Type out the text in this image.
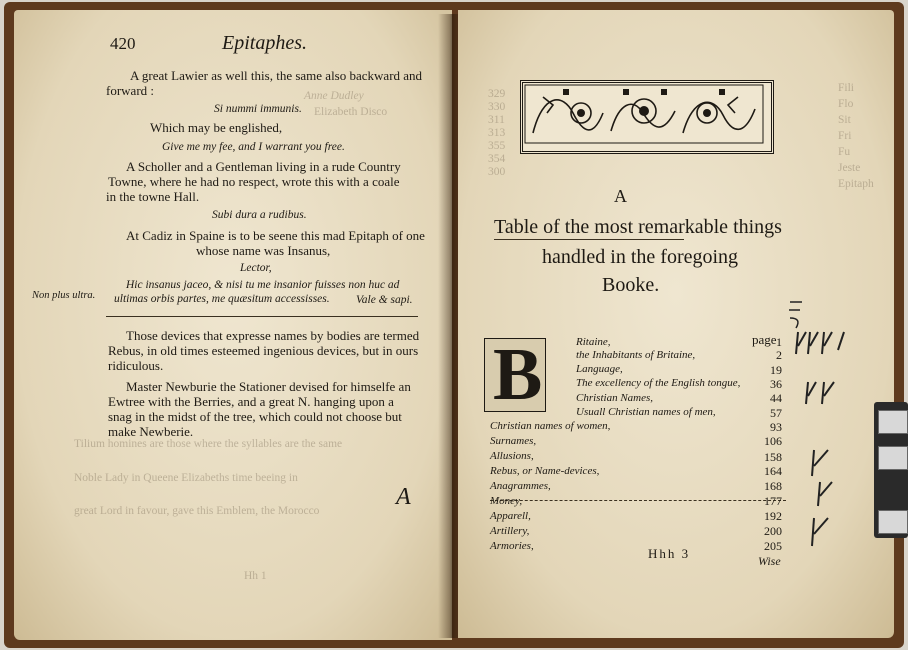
420	Epitaphes.
Anne Dudley
Elizabeth Disco
Tilium homines are those where the syllables are the same
Noble Lady in Queene Elizabeths time beeing in
great Lord in favour, gave this Emblem, the Morocco
Hh 1
A great Lawier as well this, the same also backward and
forward :
Si nummi immunis.
Which may be englished,
Give me my fee, and I warrant you free.
A Scholler and a Gentleman living in a rude Country
Towne, where he had no respect, wrote this with a coale
in the towne Hall.
Subi dura a rudibus.
At Cadiz in Spaine is to be seene this mad Epitaph of one
whose name was Insanus,
Lector,
Hic insanus jaceo, & nisi tu me insanior fuisses non huc ad
Non plus ultra. ultimas orbis partes, me quæsitum accessisses. Vale & sapi.
Those devices that expresse names by bodies are termed
Rebus, in old times esteemed ingenious devices, but in ours
ridiculous.
Master Newburie the Stationer devised for himselfe an
Ewtree with the Berries, and a great N. hanging upon a
snag in the midst of the tree, which could not choose but
make Newberie.
A
329
330
311
313
355
354
300
Fili
Flo
Sit
Fri
Fu
Jeste
Epitaph
A
Table of the most remarkable things
handled in the foregoing
Booke.
page
B	Ritaine,	1
the Inhabitants of Britaine,	2
Language,	19
The excellency of the English tongue,	36
Christian Names,	44
Usuall Christian names of men,	57
Christian names of women,	93
Surnames,	106
Allusions,	158
Rebus, or Name-devices,	164
Anagrammes,	168
Money,	177
Apparell,	192
Artillery,	200
Armories,	205
Hhh 3	Wise
